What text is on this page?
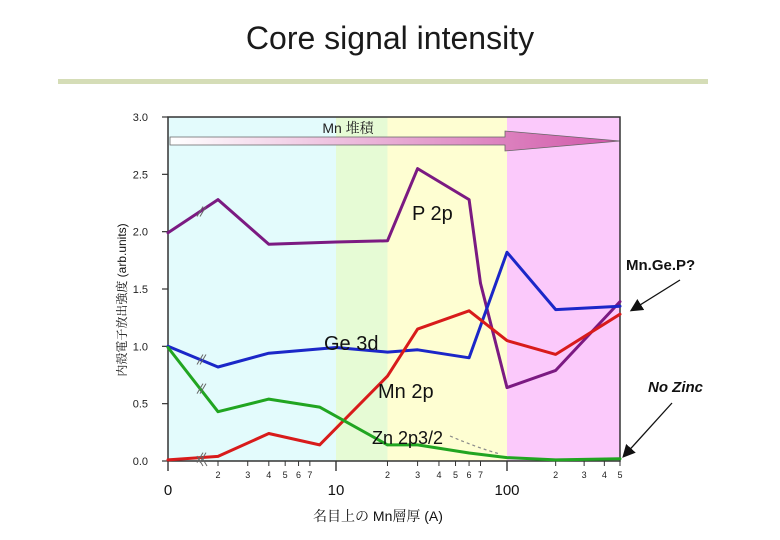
Core signal intensity
Mn 堆積
0.0
0.5
1.0
1.5
2.0
2.5
3.0
0	10	100
2	3 4 5 6 7	2	3 4 5 6 7	2	3 4 5
名目上の Mn層厚 (A)
内殻電子放出強度 (arb.units)
P 2p
Ge 3d
Mn 2p
Zn 2p3/2
Mn.Ge.P?
No Zinc
